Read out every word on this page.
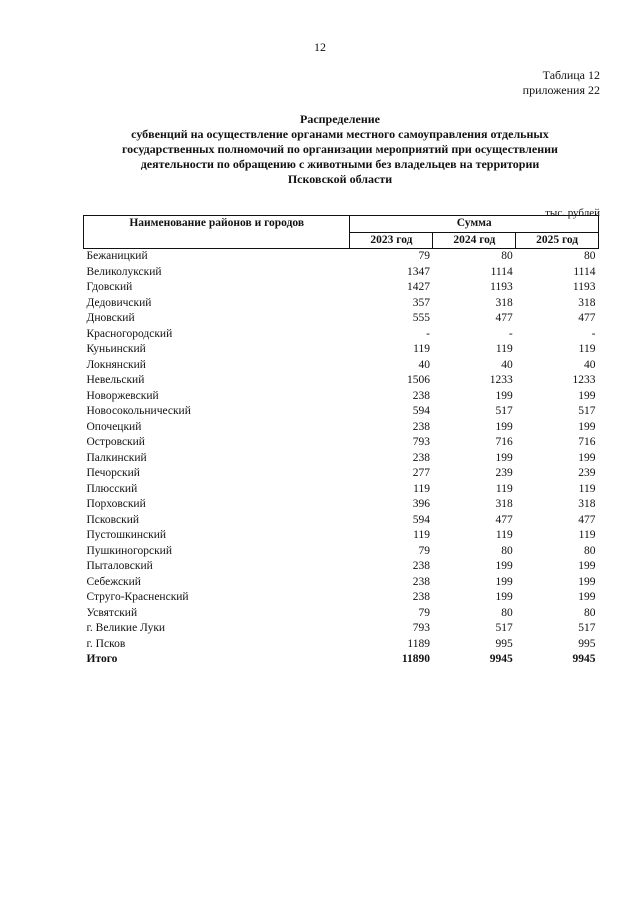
12
Таблица 12
приложения 22
Распределение
субвенций на осуществление органами местного самоуправления отдельных
государственных полномочий по организации мероприятий при осуществлении
деятельности по обращению с животными без владельцев на территории
Псковской области
тыс. рублей
Наименование районов и городов	Сумма		
	2023 год	2024 год	2025 год
Бежаницкий	79	80	80
Великолукский	1347	1114	1114
Гдовский	1427	1193	1193
Дедовичский	357	318	318
Дновский	555	477	477
Красногородский	-	-	-
Куньинский	119	119	119
Локнянский	40	40	40
Невельский	1506	1233	1233
Новоржевский	238	199	199
Новосокольнический	594	517	517
Опочецкий	238	199	199
Островский	793	716	716
Палкинский	238	199	199
Печорский	277	239	239
Плюсский	119	119	119
Порховский	396	318	318
Псковский	594	477	477
Пустошкинский	119	119	119
Пушкиногорский	79	80	80
Пыталовский	238	199	199
Себежский	238	199	199
Струго-Красненский	238	199	199
Усвятский	79	80	80
г. Великие Луки	793	517	517
г. Псков	1189	995	995
Итого	11890	9945	9945
